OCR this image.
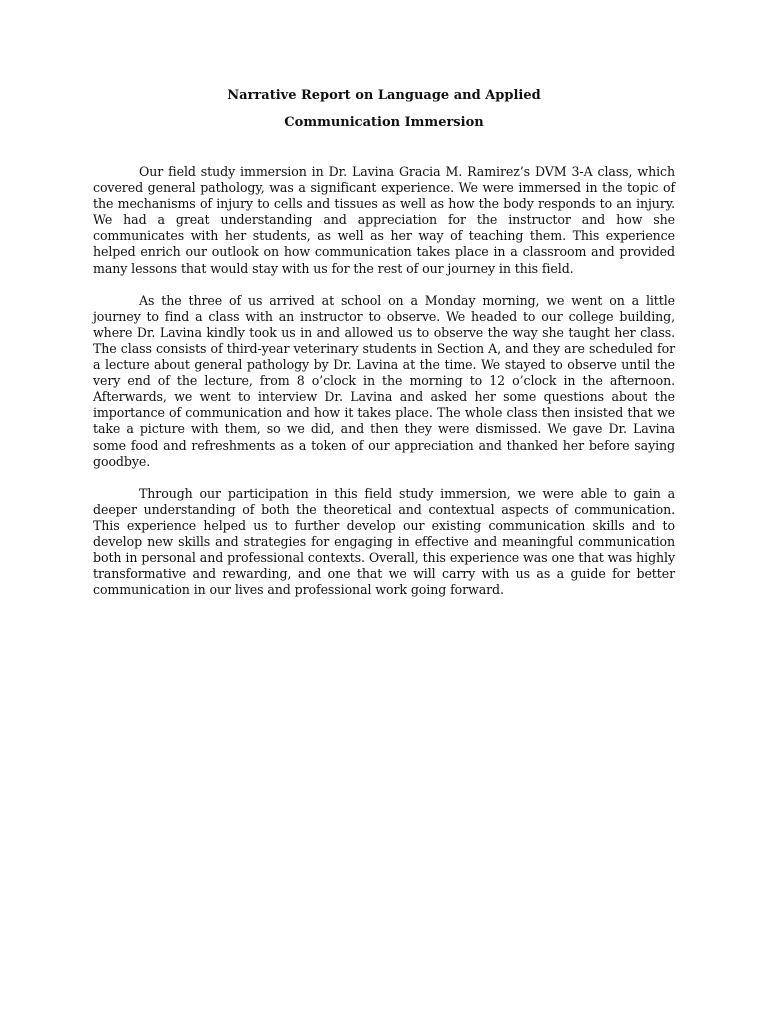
Narrative Report on Language and Applied

Communication Immersion

Our field study immersion in Dr. Lavina Gracia M. Ramirez’s DVM 3-A class, which covered general pathology, was a significant experience. We were immersed in the topic of the mechanisms of injury to cells and tissues as well as how the body responds to an injury. We had a great understanding and appreciation for the instructor and how she communicates with her students, as well as her way of teaching them. This experience helped enrich our outlook on how communication takes place in a classroom and provided many lessons that would stay with us for the rest of our journey in this field.

As the three of us arrived at school on a Monday morning, we went on a little journey to find a class with an instructor to observe. We headed to our college building, where Dr. Lavina kindly took us in and allowed us to observe the way she taught her class. The class consists of third-year veterinary students in Section A, and they are scheduled for a lecture about general pathology by Dr. Lavina at the time. We stayed to observe until the very end of the lecture, from 8 o’clock in the morning to 12 o’clock in the afternoon. Afterwards, we went to interview Dr. Lavina and asked her some questions about the importance of communication and how it takes place. The whole class then insisted that we take a picture with them, so we did, and then they were dismissed. We gave Dr. Lavina some food and refreshments as a token of our appreciation and thanked her before saying goodbye.

Through our participation in this field study immersion, we were able to gain a deeper understanding of both the theoretical and contextual aspects of communication. This experience helped us to further develop our existing communication skills and to develop new skills and strategies for engaging in effective and meaningful communication both in personal and professional contexts. Overall, this experience was one that was highly transformative and rewarding, and one that we will carry with us as a guide for better communication in our lives and professional work going forward.
